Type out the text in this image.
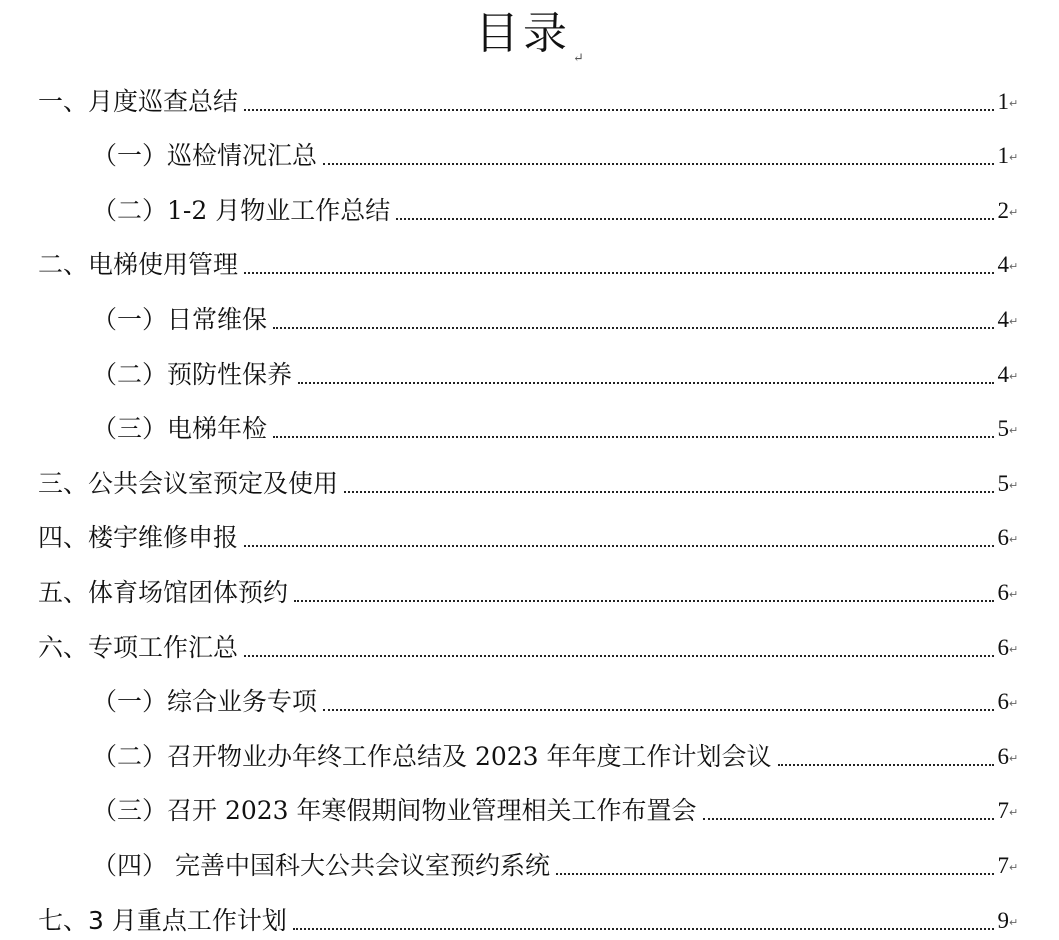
目录 $_↵$
一、月度巡查总结	1 ↵
（一）巡检情况汇总	1 ↵
（二）1-2 月物业工作总结	2 ↵
二、电梯使用管理	4 ↵
（一）日常维保	4 ↵
（二）预防性保养	4 ↵
（三）电梯年检	5 ↵
三、公共会议室预定及使用	5 ↵
四、楼宇维修申报	6 ↵
五、体育场馆团体预约	6 ↵
六、专项工作汇总	6 ↵
（一）综合业务专项	6 ↵
（二）召开物业办年终工作总结及 2023 年年度工作计划会议	6 ↵
（三）召开 2023 年寒假期间物业管理相关工作布置会	7 ↵
（四） 完善中国科大公共会议室预约系统	7 ↵
七、3 月重点工作计划	9 ↵
